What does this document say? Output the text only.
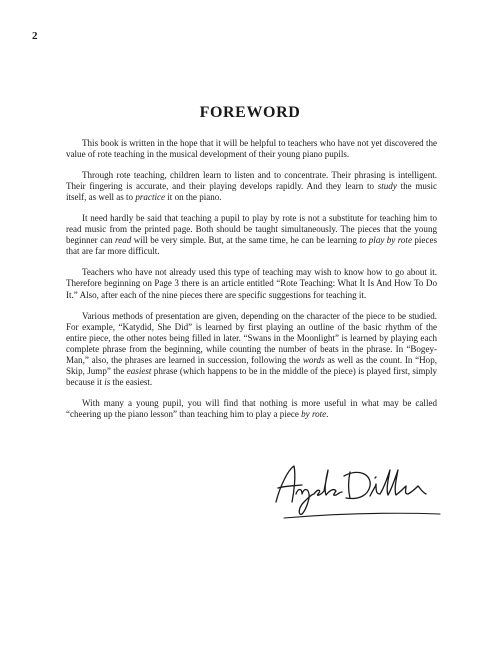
2
FOREWORD

This book is written in the hope that it will be helpful to teachers who have not yet discovered the value of rote teaching in the musical development of their young piano pupils.

Through rote teaching, children learn to listen and to concentrate. Their phrasing is intelligent. Their fingering is accurate, and their playing develops rapidly. And they learn to study the music itself, as well as to practice it on the piano.

It need hardly be said that teaching a pupil to play by rote is not a substitute for teaching him to read music from the printed page. Both should be taught simultaneously. The pieces that the young beginner can read will be very simple. But, at the same time, he can be learning to play by rote pieces that are far more difficult.

Teachers who have not already used this type of teaching may wish to know how to go about it. Therefore beginning on Page 3 there is an article entitled “Rote Teaching: What It Is And How To Do It.” Also, after each of the nine pieces there are specific suggestions for teaching it.

Various methods of presentation are given, depending on the character of the piece to be studied. For example, “Katydid, She Did” is learned by first playing an outline of the basic rhythm of the entire piece, the other notes being filled in later. “Swans in the Moonlight” is learned by playing each complete phrase from the beginning, while counting the number of beats in the phrase. In “Bogey-Man,” also, the phrases are learned in succession, following the words as well as the count. In “Hop, Skip, Jump” the easiest phrase (which happens to be in the middle of the piece) is played first, simply because it is the easiest.

With many a young pupil, you will find that nothing is more useful in what may be called “cheering up the piano lesson” than teaching him to play a piece by rote.
